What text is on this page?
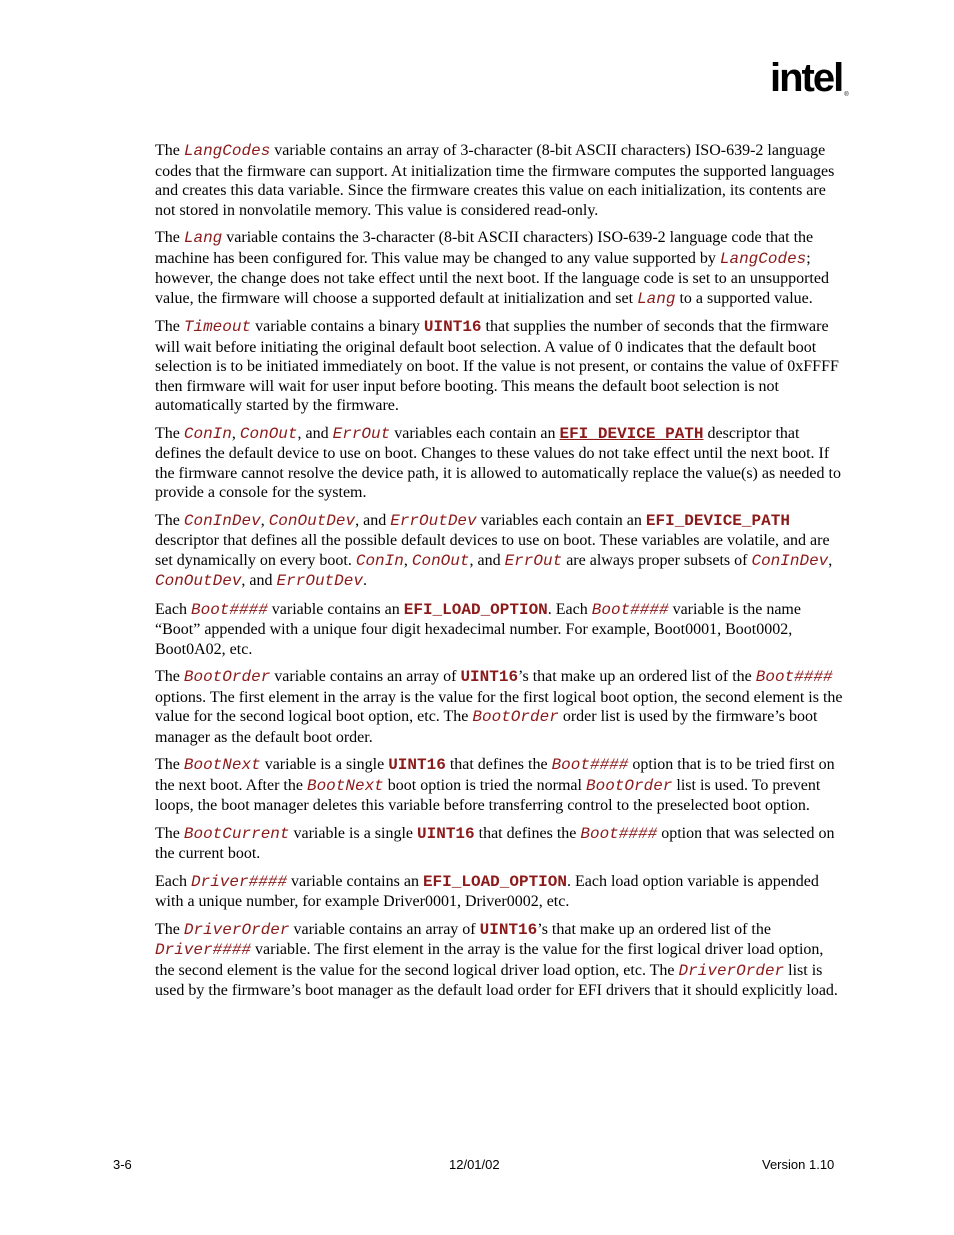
intel ®

The LangCodes variable contains an array of 3-character (8-bit ASCII characters) ISO-639-2 language codes that the firmware can support. At initialization time the firmware computes the supported languages and creates this data variable. Since the firmware creates this value on each initialization, its contents are not stored in nonvolatile memory. This value is considered read-only.

The Lang variable contains the 3-character (8-bit ASCII characters) ISO-639-2 language code that the machine has been configured for. This value may be changed to any value supported by LangCodes; however, the change does not take effect until the next boot. If the language code is set to an unsupported value, the firmware will choose a supported default at initialization and set Lang to a supported value.

The Timeout variable contains a binary UINT16 that supplies the number of seconds that the firmware will wait before initiating the original default boot selection. A value of 0 indicates that the default boot selection is to be initiated immediately on boot. If the value is not present, or contains the value of 0xFFFF then firmware will wait for user input before booting. This means the default boot selection is not automatically started by the firmware.

The ConIn, ConOut, and ErrOut variables each contain an EFI_DEVICE_PATH descriptor that defines the default device to use on boot. Changes to these values do not take effect until the next boot. If the firmware cannot resolve the device path, it is allowed to automatically replace the value(s) as needed to provide a console for the system.

The ConInDev, ConOutDev, and ErrOutDev variables each contain an EFI_DEVICE_PATH descriptor that defines all the possible default devices to use on boot. These variables are volatile, and are set dynamically on every boot. ConIn, ConOut, and ErrOut are always proper subsets of ConInDev, ConOutDev, and ErrOutDev.

Each Boot#### variable contains an EFI_LOAD_OPTION. Each Boot#### variable is the name “Boot” appended with a unique four digit hexadecimal number. For example, Boot0001, Boot0002, Boot0A02, etc.

The BootOrder variable contains an array of UINT16’s that make up an ordered list of the Boot#### options. The first element in the array is the value for the first logical boot option, the second element is the value for the second logical boot option, etc. The BootOrder order list is used by the firmware’s boot manager as the default boot order.

The BootNext variable is a single UINT16 that defines the Boot#### option that is to be tried first on the next boot. After the BootNext boot option is tried the normal BootOrder list is used. To prevent loops, the boot manager deletes this variable before transferring control to the preselected boot option.

The BootCurrent variable is a single UINT16 that defines the Boot#### option that was selected on the current boot.

Each Driver#### variable contains an EFI_LOAD_OPTION. Each load option variable is appended with a unique number, for example Driver0001, Driver0002, etc.

The DriverOrder variable contains an array of UINT16’s that make up an ordered list of the Driver#### variable. The first element in the array is the value for the first logical driver load option, the second element is the value for the second logical driver load option, etc. The DriverOrder list is used by the firmware’s boot manager as the default load order for EFI drivers that it should explicitly load.

3-6	12/01/02	Version 1.10
